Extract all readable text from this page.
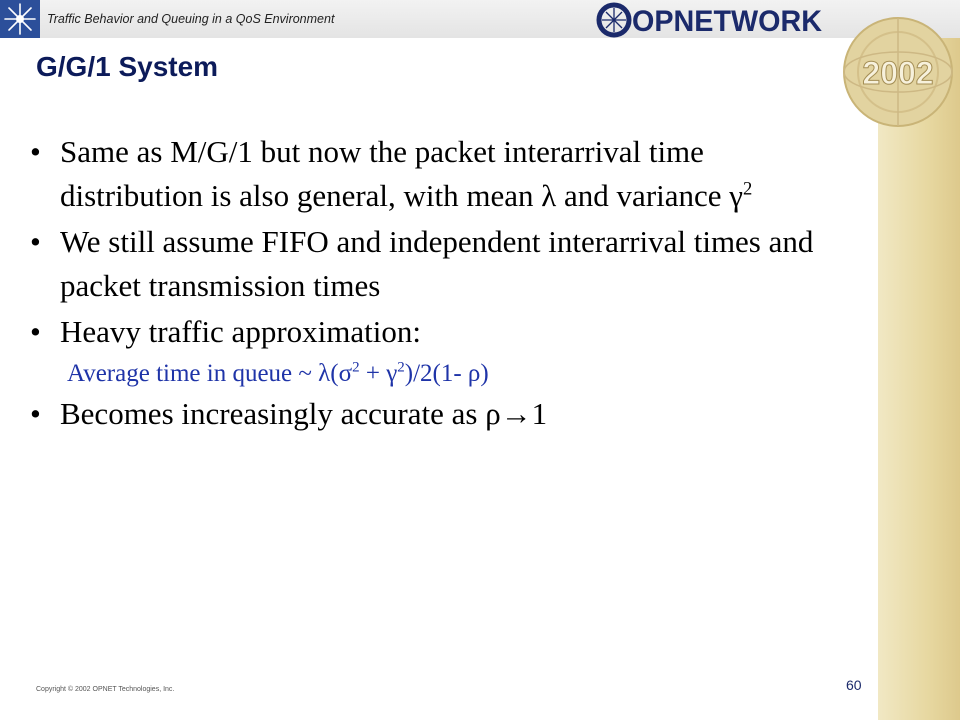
Traffic Behavior and Queuing in a QoS Environment	OPNETWORK
2002
G/G/1 System
• Same as M/G/1 but now the packet interarrival time distribution is also general, with mean λ and variance $\gamma^2$
• We still assume FIFO and independent interarrival times and packet transmission times
• Heavy traffic approximation:
Average time in queue ~ $\lambda(\sigma^2 + \gamma^2)/2(1-$ ρ)
• Becomes increasingly accurate as ρ→1
Copyright © 2002 OPNET Technologies, Inc.	60
